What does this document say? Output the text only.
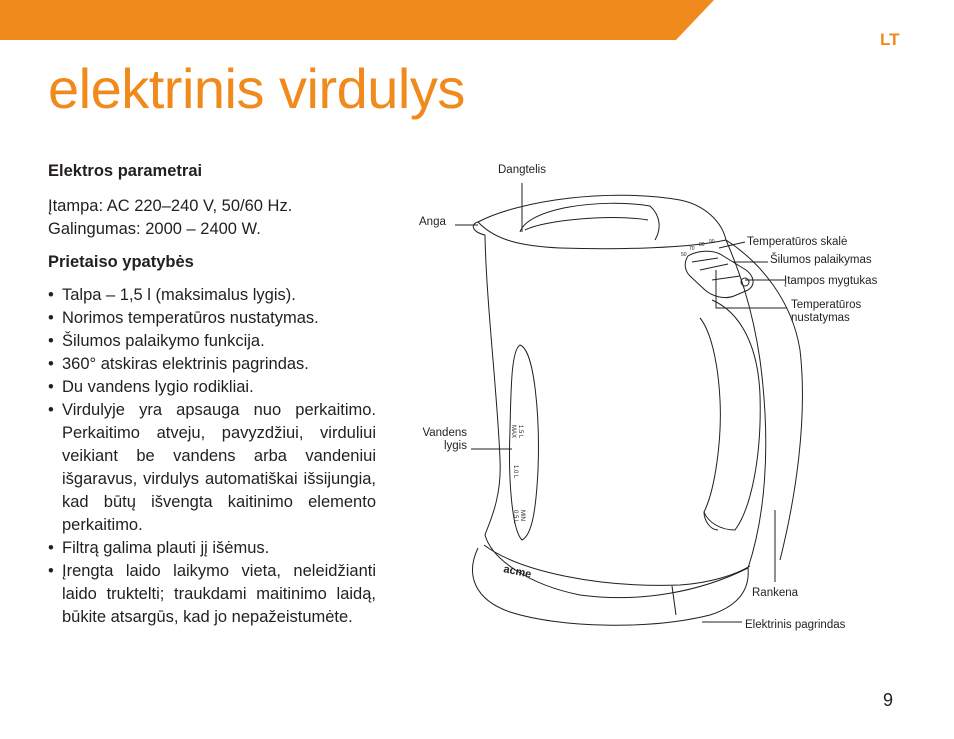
LT
elektrinis virdulys
Elektros parametrai

Įtampa: AC 220–240 V, 50/60 Hz.

Galingumas: 2000 – 2400 W.

Prietaiso ypatybės
• Talpa – 1,5 l (maksimalus lygis).
• Norimos temperatūros nustatymas.
• Šilumos palaikymo funkcija.
• 360° atskiras elektrinis pagrindas.
• Du vandens lygio rodikliai.
• Virdulyje yra apsauga nuo perkaitimo. Perkaitimo atveju, pavyzdžiui, virduliui veikiant be vandens arba vandeniui išgaravus, virdulys automatiškai išsijungia, kad būtų išvengta kaitinimo elemento perkaitimo.
• Filtrą galima plauti jį išėmus.
• Įrengta laido laikymo vieta, neleidžianti laido truktelti; traukdami maitinimo laidą, būkite atsargūs, kad jo nepažeistumėte.
50
70
80 90
MAX 1.5 L
1.0 L
0.5 L MIN
acme
Dangtelis
Anga
Temperatūros skalė
Šilumos palaikymas
Įtampos mygtukas
Temperatūros
nustatymas
Vandens
lygis
Rankena
Elektrinis pagrindas
9
